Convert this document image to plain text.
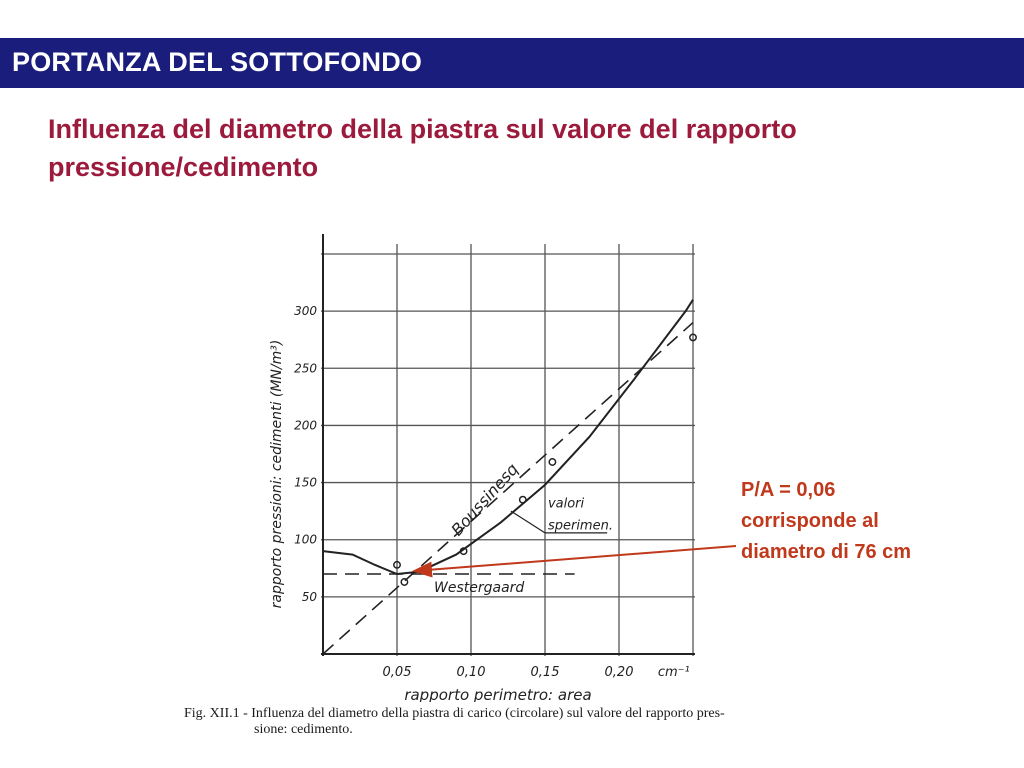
PORTANZA DEL SOTTOFONDO
Influenza del diametro della piastra sul valore del rapporto pressione/cedimento
0,05	0,10	0,15	0,20 cm⁻¹
50
100
150
200
250
300
rapporto perimetro: area
rapporto pressioni: cedimenti (MN/m³)	Boussinesq
Westergaard
valori
sperimen.
Fig. XII.1 - Influenza del diametro della piastra di carico (circolare) sul valore del rapporto pres-
sione: cedimento.
P/A = 0,06
corrisponde al
diametro di 76 cm
